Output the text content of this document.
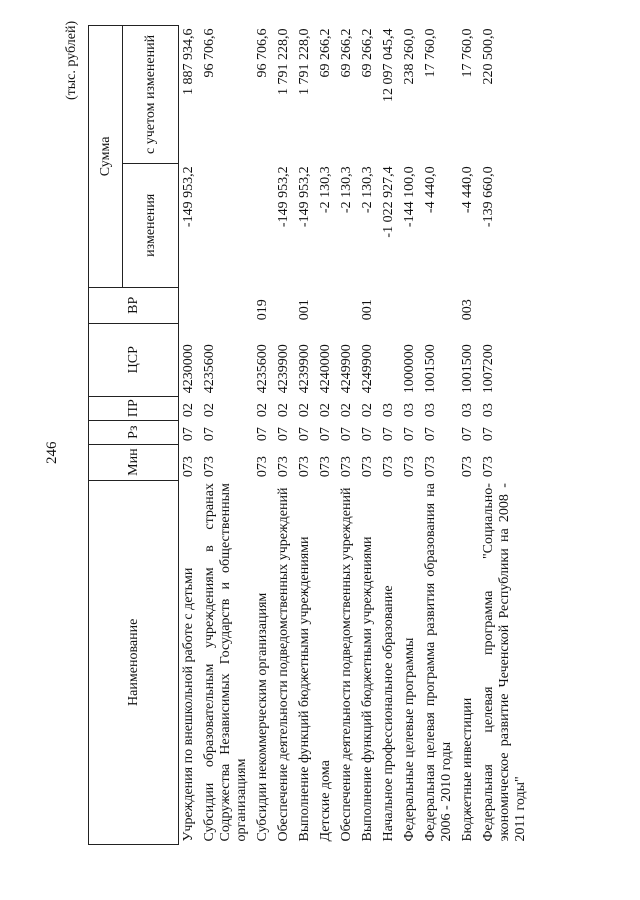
246
(тыс. рублей)
Наименование	Мин	Рз	ПР	ЦСР	ВР	Сумма	
						изменения	с учетом изменений
Учреждения по внешкольной работе с детьми	073	07	02	4230000		-149 953,2	1 887 934,6
Субсидии образовательным учреждениям в странах Содружества Независимых Государств и общественным организациям	073	07	02	4235600			96 706,6
Субсидии некоммерческим организациям	073	07	02	4235600	019		96 706,6
Обеспечение деятельности подведомственных учреждений	073	07	02	4239900		-149 953,2	1 791 228,0
Выполнение функций бюджетными учреждениями	073	07	02	4239900	001	-149 953,2	1 791 228,0
Детские дома	073	07	02	4240000		-2 130,3	69 266,2
Обеспечение деятельности подведомственных учреждений	073	07	02	4249900		-2 130,3	69 266,2
Выполнение функций бюджетными учреждениями	073	07	02	4249900	001	-2 130,3	69 266,2
Начальное профессиональное образование	073	07	03			-1 022 927,4	12 097 045,4
Федеральные целевые программы	073	07	03	1000000		-144 100,0	238 260,0
Федеральная целевая программа развития образования на 2006 - 2010 годы	073	07	03	1001500		-4 440,0	17 760,0
Бюджетные инвестиции	073	07	03	1001500	003	-4 440,0	17 760,0
Федеральная целевая программа "Социально-экономическое развитие Чеченской Республики на 2008 - 2011 годы"	073	07	03	1007200		-139 660,0	220 500,0
